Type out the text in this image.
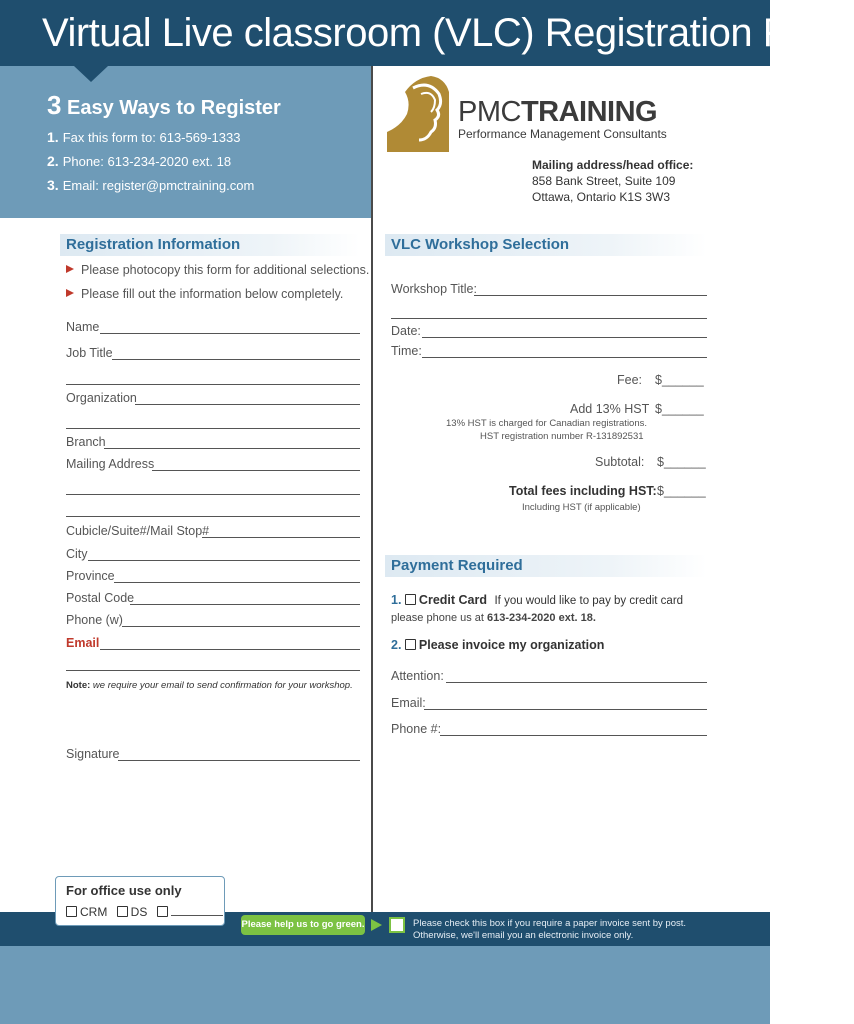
Virtual Live classroom (VLC) Registration Form
3 Easy Ways to Register
1. Fax this form to: 613-569-1333
2. Phone: 613-234-2020 ext. 18
3. Email: register@pmctraining.com
PMCTRAINING
Performance Management Consultants
Mailing address/head office:
858 Bank Street, Suite 109
Ottawa, Ontario K1S 3W3
Registration Information
Please photocopy this form for additional selections.
Please fill out the information below completely.
Name
Job Title
Organization
Branch
Mailing Address
Cubicle/Suite#/Mail Stop#
City
Province
Postal Code
Phone (w)
Email
Note: we require your email to send confirmation for your workshop.
Signature
VLC Workshop Selection
Workshop Title:
Date:
Time:
Fee: $______
Add 13% HST $______
13% HST is charged for Canadian registrations.
HST registration number R-131892531
Subtotal: $______
Total fees including HST: $______
Including HST (if applicable)
Payment Required
1. Credit Card If you would like to pay by credit card
please phone us at 613-234-2020 ext. 18.
2. Please invoice my organization
Attention:
Email:
Phone #:
For office use only
CRM DS
Please help us to go green.	Please check this box if you require a paper invoice sent by post.
Otherwise, we'll email you an electronic invoice only.
